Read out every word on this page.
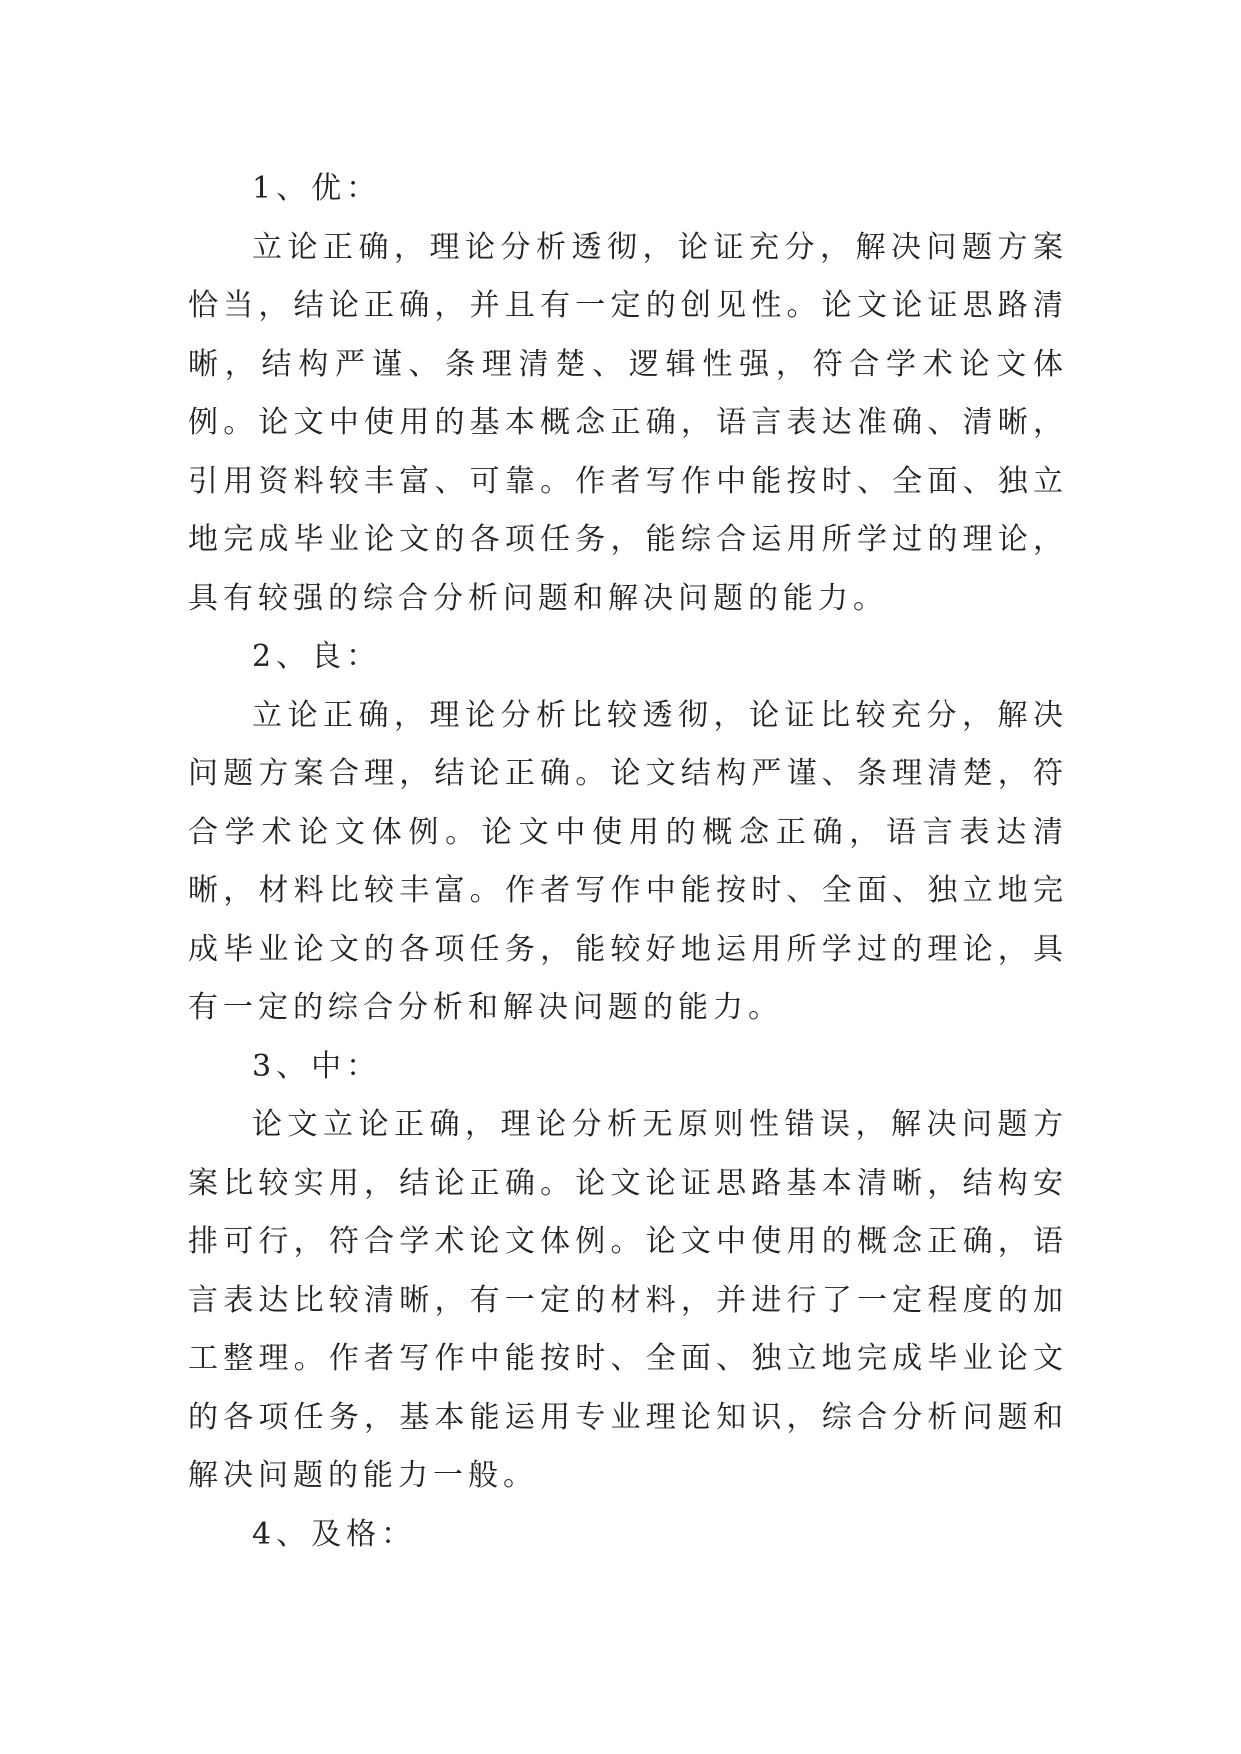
1、优：

立论正确，理论分析透彻，论证充分，解决问题方案恰当，结论正确，并且有一定的创见性。论文论证思路清晰，结构严谨、条理清楚、逻辑性强，符合学术论文体例。论文中使用的基本概念正确，语言表达准确、清晰，引用资料较丰富、可靠。作者写作中能按时、全面、独立地完成毕业论文的各项任务，能综合运用所学过的理论，具有较强的综合分析问题和解决问题的能力。

2、良：

立论正确，理论分析比较透彻，论证比较充分，解决问题方案合理，结论正确。论文结构严谨、条理清楚，符合学术论文体例。论文中使用的概念正确，语言表达清晰，材料比较丰富。作者写作中能按时、全面、独立地完成毕业论文的各项任务，能较好地运用所学过的理论，具有一定的综合分析和解决问题的能力。

3、中：

论文立论正确，理论分析无原则性错误，解决问题方案比较实用，结论正确。论文论证思路基本清晰，结构安排可行，符合学术论文体例。论文中使用的概念正确，语言表达比较清晰，有一定的材料，并进行了一定程度的加工整理。作者写作中能按时、全面、独立地完成毕业论文的各项任务，基本能运用专业理论知识，综合分析问题和解决问题的能力一般。

4、及格：
